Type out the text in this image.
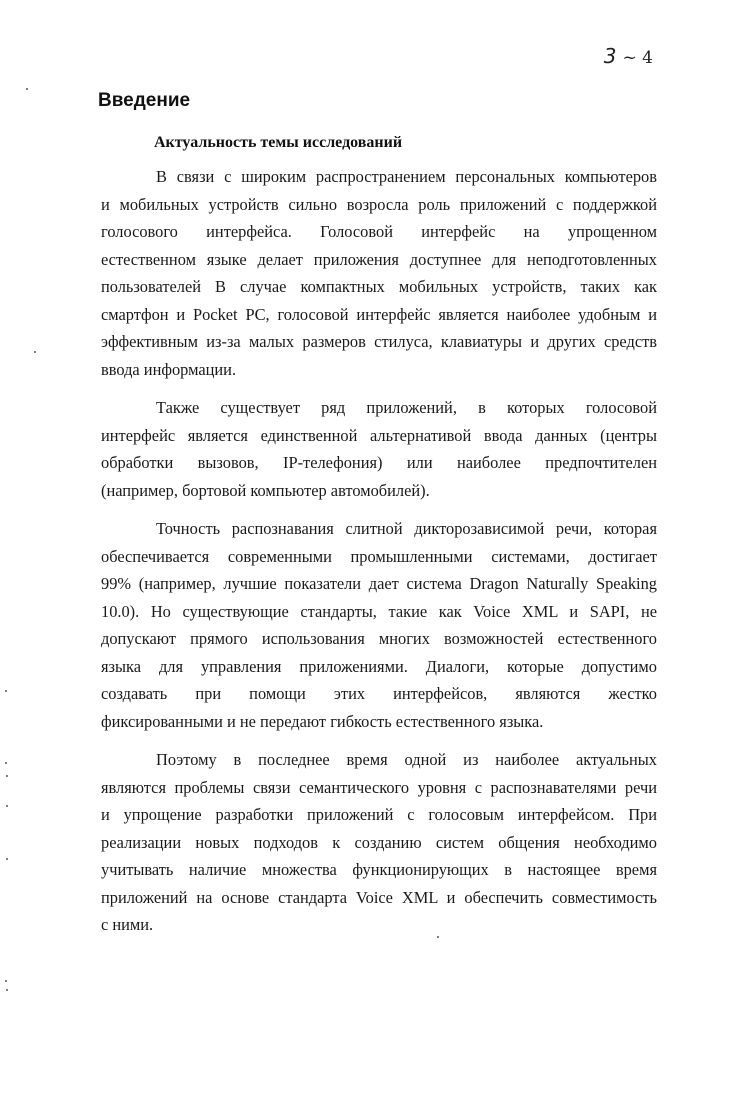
3 ~ 4
Введение
Актуальность темы исследований
В связи с широким распространением персональных компьютеров
и мобильных устройств сильно возросла роль приложений с поддержкой
голосового интерфейса. Голосовой интерфейс на упрощенном
естественном языке делает приложения доступнее для неподготовленных
пользователей В случае компактных мобильных устройств, таких как
смартфон и Pocket PC, голосовой интерфейс является наиболее удобным и
эффективным из-за малых размеров стилуса, клавиатуры и других средств
ввода информации.
Также существует ряд приложений, в которых голосовой
интерфейс является единственной альтернативой ввода данных (центры
обработки вызовов, IP-телефония) или наиболее предпочтителен
(например, бортовой компьютер автомобилей).
Точность распознавания слитной дикторозависимой речи, которая
обеспечивается современными промышленными системами, достигает
99% (например, лучшие показатели дает система Dragon Naturally Speaking
10.0). Но существующие стандарты, такие как Voice XML и SAPI, не
допускают прямого использования многих возможностей естественного
языка для управления приложениями. Диалоги, которые допустимо
создавать при помощи этих интерфейсов, являются жестко
фиксированными и не передают гибкость естественного языка.
Поэтому в последнее время одной из наиболее актуальных
являются проблемы связи семантического уровня с распознавателями речи
и упрощение разработки приложений с голосовым интерфейсом. При
реализации новых подходов к созданию систем общения необходимо
учитывать наличие множества функционирующих в настоящее время
приложений на основе стандарта Voice XML и обеспечить совместимость
с ними.
